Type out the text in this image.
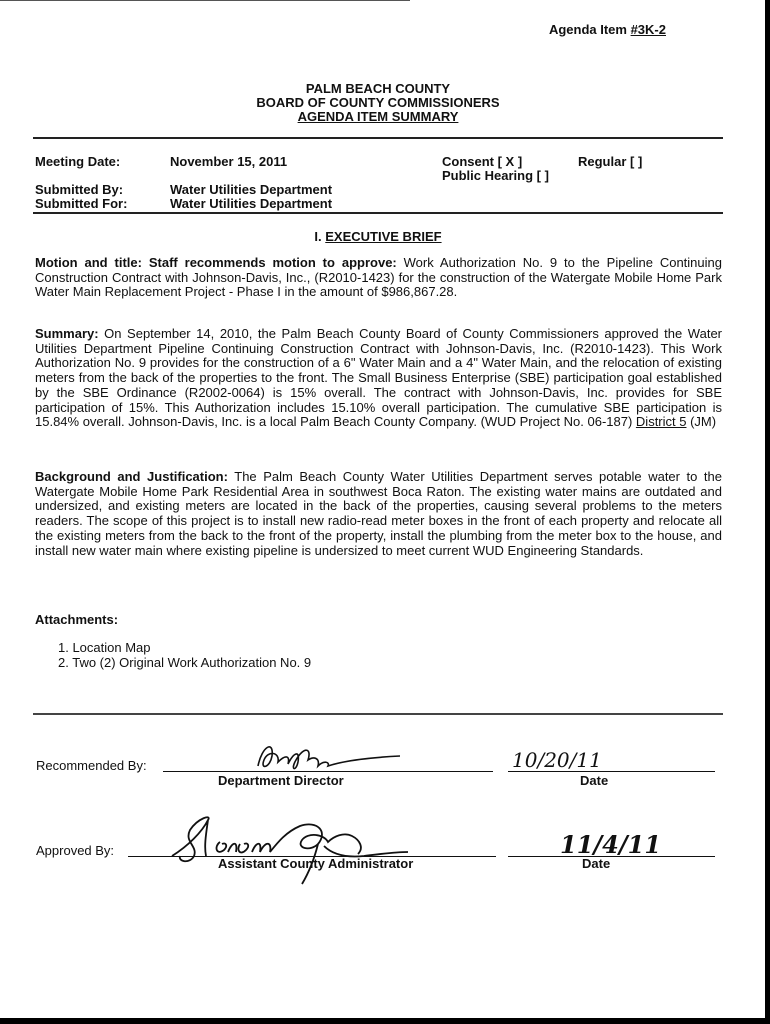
Agenda Item #3K-2
PALM BEACH COUNTY
BOARD OF COUNTY COMMISSIONERS
AGENDA ITEM SUMMARY
Meeting Date:	November 15, 2011	Consent [ X ]	Regular [ ]
Public Hearing [ ]
Submitted By:	Water Utilities Department
Submitted For:	Water Utilities Department
I. EXECUTIVE BRIEF
Motion and title: Staff recommends motion to approve: Work Authorization No. 9 to the Pipeline Continuing Construction Contract with Johnson-Davis, Inc., (R2010-1423) for the construction of the Watergate Mobile Home Park Water Main Replacement Project - Phase I in the amount of $986,867.28.
Summary: On September 14, 2010, the Palm Beach County Board of County Commissioners approved the Water Utilities Department Pipeline Continuing Construction Contract with Johnson-Davis, Inc. (R2010-1423). This Work Authorization No. 9 provides for the construction of a 6" Water Main and a 4" Water Main, and the relocation of existing meters from the back of the properties to the front. The Small Business Enterprise (SBE) participation goal established by the SBE Ordinance (R2002-0064) is 15% overall. The contract with Johnson-Davis, Inc. provides for SBE participation of 15%. This Authorization includes 15.10% overall participation. The cumulative SBE participation is 15.84% overall. Johnson-Davis, Inc. is a local Palm Beach County Company. (WUD Project No. 06-187) District 5 (JM)
Background and Justification: The Palm Beach County Water Utilities Department serves potable water to the Watergate Mobile Home Park Residential Area in southwest Boca Raton. The existing water mains are outdated and undersized, and existing meters are located in the back of the properties, causing several problems to the meters readers. The scope of this project is to install new radio-read meter boxes in the front of each property and relocate all the existing meters from the back to the front of the property, install the plumbing from the meter box to the house, and install new water main where existing pipeline is undersized to meet current WUD Engineering Standards.
Attachments:
1. Location Map
2. Two (2) Original Work Authorization No. 9
Recommended By:
Department Director
10/20/11
Date
Approved By:
Assistant County Administrator
11/4/11
Date
